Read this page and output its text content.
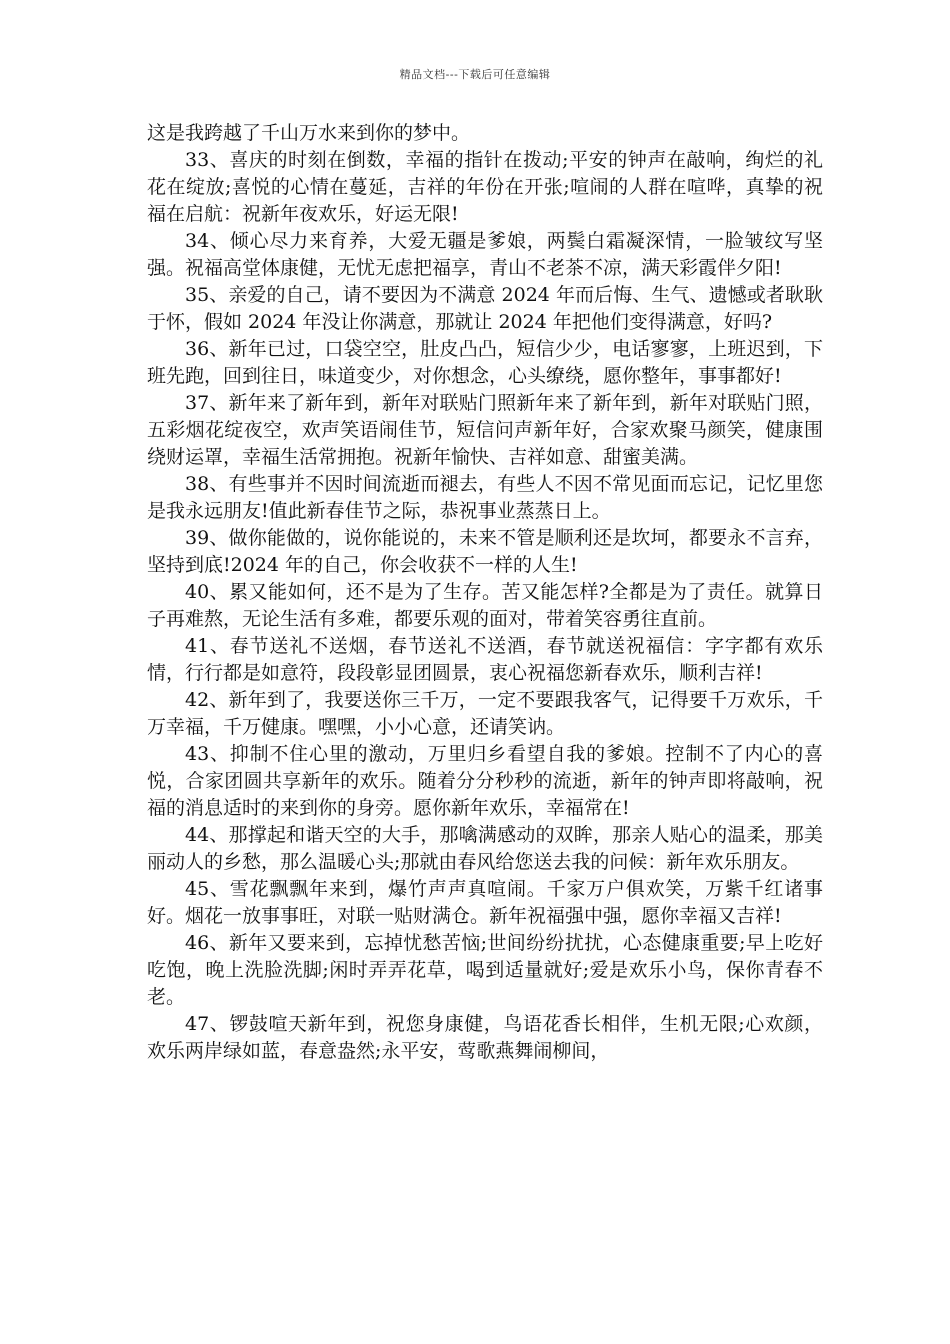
精品文档---下载后可任意编辑

这是我跨越了千山万水来到你的梦中。

33、喜庆的时刻在倒数，幸福的指针在拨动;平安的钟声在敲响，绚烂的礼花在绽放;喜悦的心情在蔓延，吉祥的年份在开张;喧闹的人群在喧哗，真挚的祝福在启航：祝新年夜欢乐，好运无限!

34、倾心尽力来育养，大爱无疆是爹娘，两鬓白霜凝深情，一脸皱纹写坚强。祝福高堂体康健，无忧无虑把福享，青山不老茶不凉，满天彩霞伴夕阳!

35、亲爱的自己，请不要因为不满意 2024 年而后悔、生气、遗憾或者耿耿于怀，假如 2024 年没让你满意，那就让 2024 年把他们变得满意，好吗?

36、新年已过，口袋空空，肚皮凸凸，短信少少，电话寥寥，上班迟到，下班先跑，回到往日，味道变少，对你想念，心头缭绕，愿你整年，事事都好!

37、新年来了新年到，新年对联贴门照新年来了新年到，新年对联贴门照，五彩烟花绽夜空，欢声笑语闹佳节，短信问声新年好，合家欢聚马颜笑，健康围绕财运罩，幸福生活常拥抱。祝新年愉快、吉祥如意、甜蜜美满。

38、有些事并不因时间流逝而褪去，有些人不因不常见面而忘记，记忆里您是我永远朋友!值此新春佳节之际，恭祝事业蒸蒸日上。

39、做你能做的，说你能说的，未来不管是顺利还是坎坷，都要永不言弃，坚持到底!2024 年的自己，你会收获不一样的人生!

40、累又能如何，还不是为了生存。苦又能怎样?全都是为了责任。就算日子再难熬，无论生活有多难，都要乐观的面对，带着笑容勇往直前。

41、春节送礼不送烟，春节送礼不送酒，春节就送祝福信：字字都有欢乐情，行行都是如意符，段段彰显团圆景，衷心祝福您新春欢乐，顺利吉祥!

42、新年到了，我要送你三千万，一定不要跟我客气，记得要千万欢乐，千万幸福，千万健康。嘿嘿，小小心意，还请笑讷。

43、抑制不住心里的激动，万里归乡看望自我的爹娘。控制不了内心的喜悦，合家团圆共享新年的欢乐。随着分分秒秒的流逝，新年的钟声即将敲响，祝福的消息适时的来到你的身旁。愿你新年欢乐，幸福常在!

44、那撑起和谐天空的大手，那噙满感动的双眸，那亲人贴心的温柔，那美丽动人的乡愁，那么温暖心头;那就由春风给您送去我的问候：新年欢乐朋友。

45、雪花飘飘年来到，爆竹声声真喧闹。千家万户俱欢笑，万紫千红诸事好。烟花一放事事旺，对联一贴财满仓。新年祝福强中强，愿你幸福又吉祥!

46、新年又要来到，忘掉忧愁苦恼;世间纷纷扰扰，心态健康重要;早上吃好吃饱，晚上洗脸洗脚;闲时弄弄花草，喝到适量就好;爱是欢乐小鸟，保你青春不老。

47、锣鼓喧天新年到，祝您身康健，鸟语花香长相伴，生机无限;心欢颜，欢乐两岸绿如蓝，春意盎然;永平安，莺歌燕舞闹柳间，
